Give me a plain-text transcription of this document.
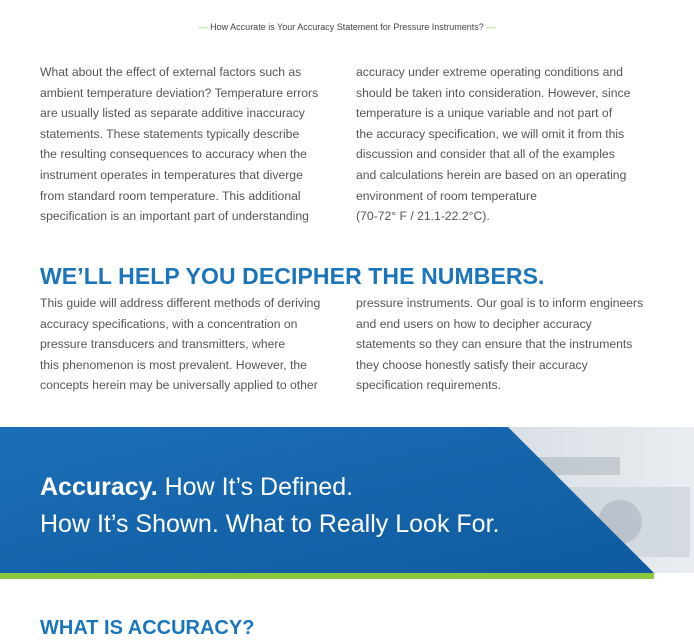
— How Accurate is Your Accuracy Statement for Pressure Instruments? —

What about the effect of external factors such as

ambient temperature deviation? Temperature errors

are usually listed as separate additive inaccuracy

statements. These statements typically describe

the resulting consequences to accuracy when the

instrument operates in temperatures that diverge

from standard room temperature. This additional

specification is an important part of understanding

accuracy under extreme operating conditions and

should be taken into consideration. However, since

temperature is a unique variable and not part of

the accuracy specification, we will omit it from this

discussion and consider that all of the examples

and calculations herein are based on an operating

environment of room temperature

(70-72° F / 21.1-22.2°C).

WE’LL HELP YOU DECIPHER THE NUMBERS.

This guide will address different methods of deriving

accuracy specifications, with a concentration on

pressure transducers and transmitters, where

this phenomenon is most prevalent. However, the

concepts herein may be universally applied to other

pressure instruments. Our goal is to inform engineers

and end users on how to decipher accuracy

statements so they can ensure that the instruments

they choose honestly satisfy their accuracy

specification requirements.

Accuracy. How It’s Defined.
How It’s Shown. What to Really Look For.
WHAT IS ACCURACY?
